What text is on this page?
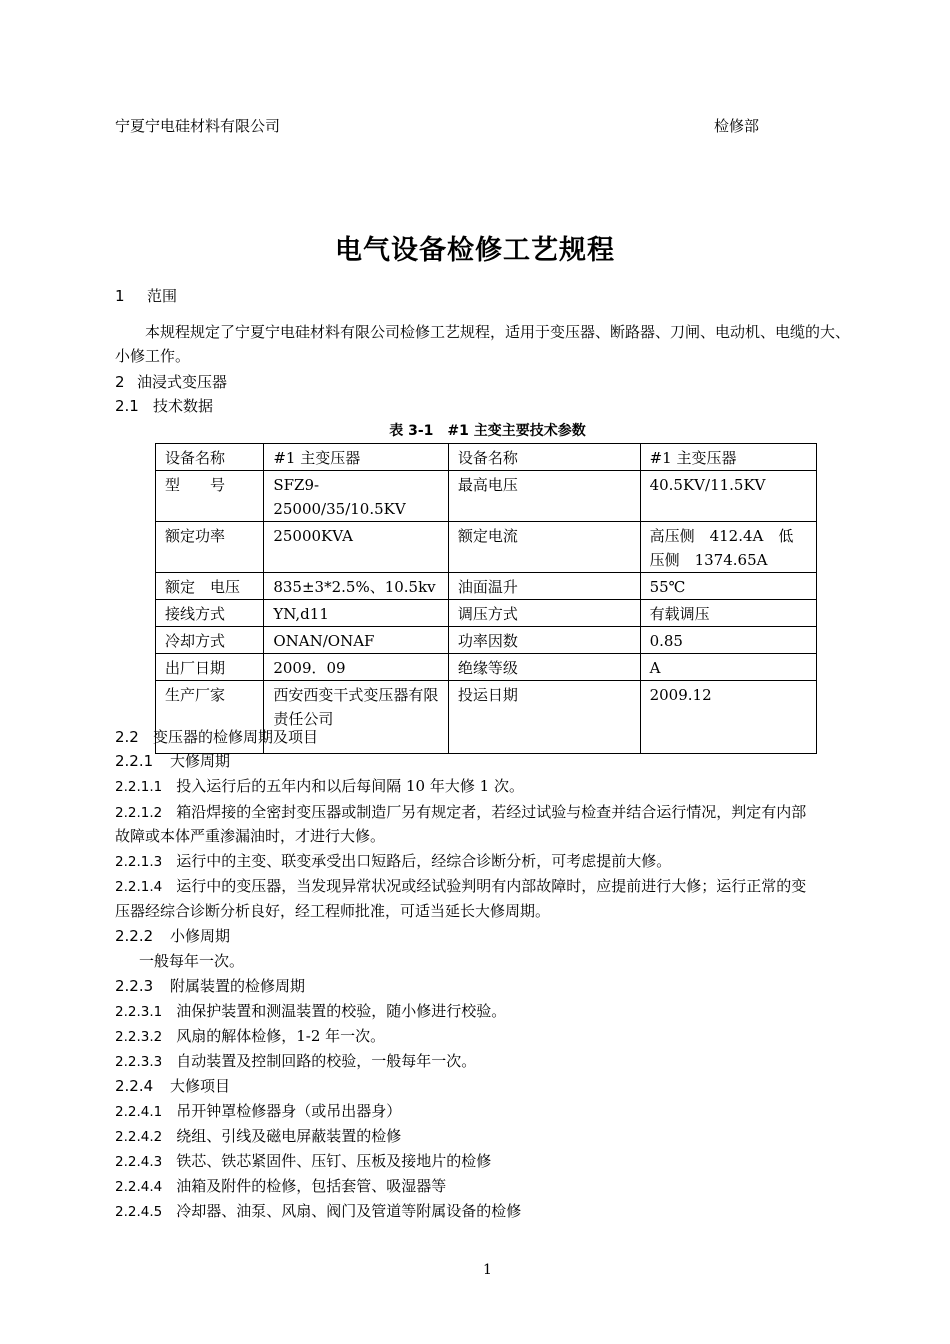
宁夏宁电硅材料有限公司	检修部
电气设备检修工艺规程
1 范围
本规程规定了宁夏宁电硅材料有限公司检修工艺规程，适用于变压器、断路器、刀闸、电动机、电缆的大、小修工作。
2 油浸式变压器
2.1 技术数据
表 3-1　#1 主变主要技术参数
设备名称	#1 主变压器	设备名称	#1 主变压器
型　　号	SFZ9-25000/35/10.5KV	最高电压	40.5KV/11.5KV
额定功率	25000KVA	额定电流	高压侧　412.4A　低压侧　1374.65A
额定　电压	835±3*2.5%、10.5kv	油面温升	55℃
接线方式	YN,d11	调压方式	有载调压
冷却方式	ONAN/ONAF	功率因数	0.85
出厂日期	2009．09	绝缘等级	A
生产厂家	西安西变干式变压器有限责任公司	投运日期	2009.12
2.2 变压器的检修周期及项目
2.2.1 大修周期
2.2.1.1 投入运行后的五年内和以后每间隔 10 年大修 1 次。
2.2.1.2 箱沿焊接的全密封变压器或制造厂另有规定者，若经过试验与检查并结合运行情况，判定有内部
故障或本体严重渗漏油时，才进行大修。
2.2.1.3 运行中的主变、联变承受出口短路后，经综合诊断分析，可考虑提前大修。
2.2.1.4 运行中的变压器，当发现异常状况或经试验判明有内部故障时，应提前进行大修；运行正常的变
压器经综合诊断分析良好，经工程师批准，可适当延长大修周期。
2.2.2 小修周期
一般每年一次。
2.2.3 附属装置的检修周期
2.2.3.1 油保护装置和测温装置的校验，随小修进行校验。
2.2.3.2 风扇的解体检修，1-2 年一次。
2.2.3.3 自动装置及控制回路的校验，一般每年一次。
2.2.4 大修项目
2.2.4.1 吊开钟罩检修器身（或吊出器身）
2.2.4.2 绕组、引线及磁电屏蔽装置的检修
2.2.4.3 铁芯、铁芯紧固件、压钉、压板及接地片的检修
2.2.4.4 油箱及附件的检修，包括套管、吸湿器等
2.2.4.5 冷却器、油泵、风扇、阀门及管道等附属设备的检修
1
